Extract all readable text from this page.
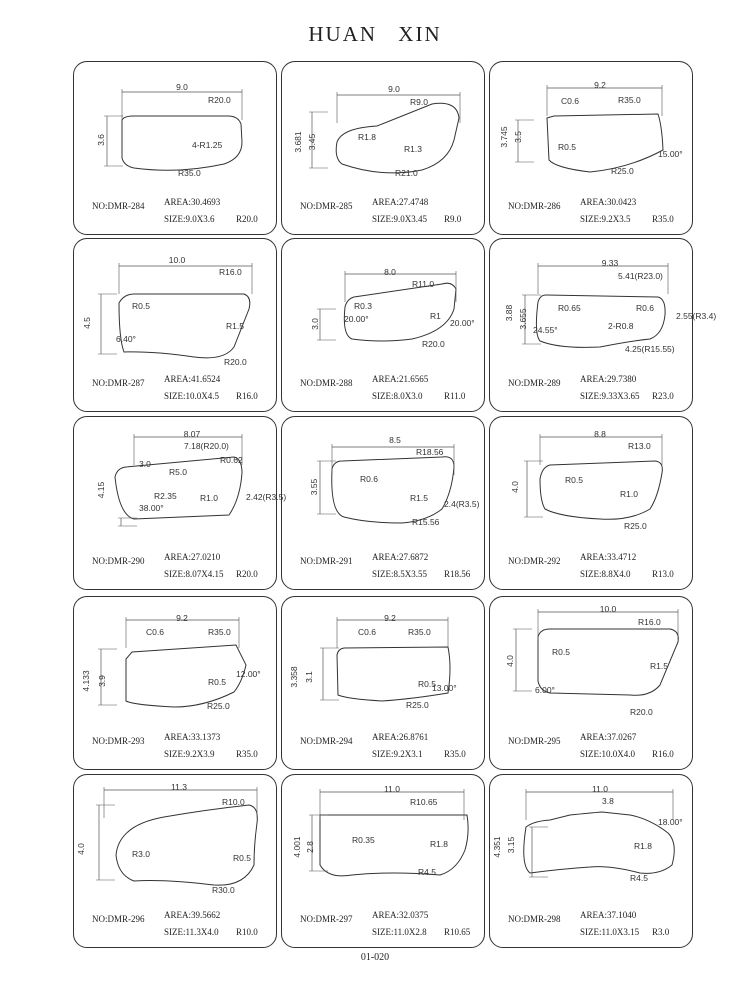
HUAN XIN
9.0
R20.0
3.6	4-R1.25
R35.0
NO:DMR-284 AREA:30.4693
SIZE:9.0X3.6 R20.0
9.0
R9.0
3.681 3.45	R1.8
R1.3
R21.0
NO:DMR-285 AREA:27.4748
SIZE:9.0X3.45 R9.0
9.2
C0.6	R35.0
3.745 3.5
R0.5
R25.0
15.00°
NO:DMR-286 AREA:30.0423
SIZE:9.2X3.5 R35.0
10.0
R16.0
4.5
R0.5
6.40°
R1.5
R20.0
NO:DMR-287 AREA:41.6524
SIZE:10.0X4.5 R16.0
8.0
R11.0
3.0
R0.3
20.00°	R1
20.00°
R20.0
NO:DMR-288 AREA:21.6565
SIZE:8.0X3.0 R11.0
9.33
5.41(R23.0)
3.88 3.655
R0.65	R0.6
24.55°	2-R0.8
4.25(R15.55)
2.55(R3.4)
NO:DMR-289 AREA:29.7380
SIZE:9.33X3.65 R23.0
8.07
7.18(R20.0)
R0.62
3.0
R5.0
4.15	R2.35	R1.0
38.00°
2.42(R3.5)
NO:DMR-290 AREA:27.0210
SIZE:8.07X4.15 R20.0
8.5
R18.56
3.55	R0.6
R1.5
2.4(R3.5)
R15.56
NO:DMR-291 AREA:27.6872
SIZE:8.5X3.55 R18.56
8.8
R13.0
4.0
R0.5
R1.0
R25.0
NO:DMR-292 AREA:33.4712
SIZE:8.8X4.0 R13.0
9.2
C0.6	R35.0
4.133 3.9
12.00°
R0.5
R25.0
NO:DMR-293 AREA:33.1373
SIZE:9.2X3.9 R35.0
9.2
C0.6	R35.0
3.358 3.1
R0.5
13.00°
R25.0
NO:DMR-294 AREA:26.8761
SIZE:9.2X3.1 R35.0
10.0
R16.0
4.0
R0.5
R1.5
6.00°
R20.0
NO:DMR-295 AREA:37.0267
SIZE:10.0X4.0 R16.0
11.3
R10.0
4.0	R3.0	R0.5
R30.0
NO:DMR-296 AREA:39.5662
SIZE:11.3X4.0 R10.0
11.0
R10.65
4.001 2.8
R0.35	R1.8
R4.5
NO:DMR-297 AREA:32.0375
SIZE:11.0X2.8 R10.65
11.0
3.8
18.00°
4.351 3.15	R1.8
R4.5
NO:DMR-298 AREA:37.1040
SIZE:11.0X3.15 R3.0
01-020
